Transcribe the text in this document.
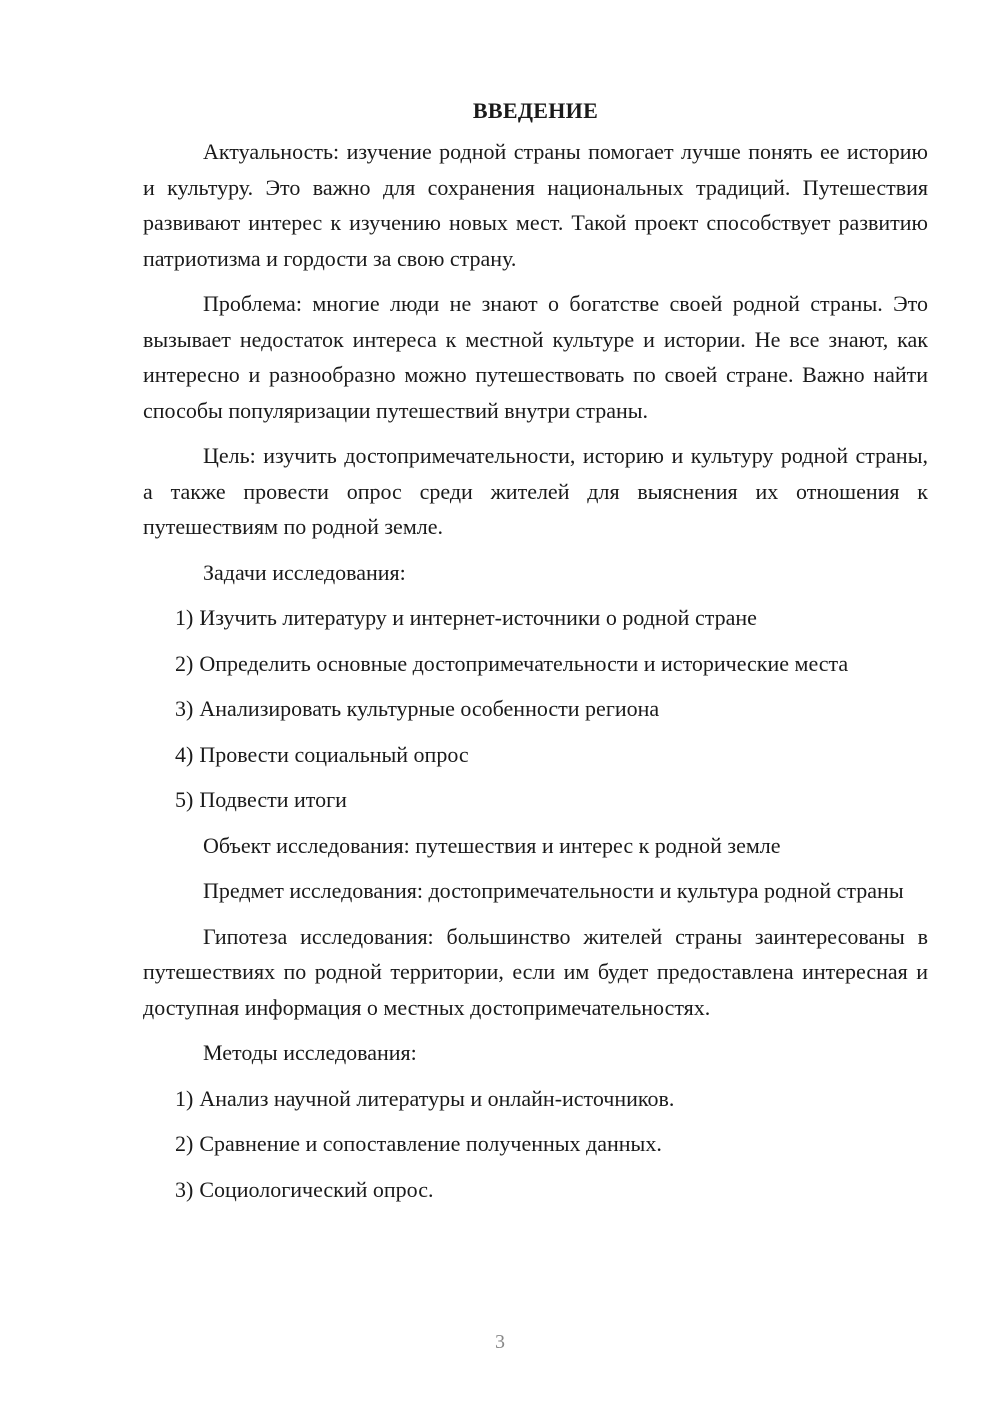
ВВЕДЕНИЕ

Актуальность: изучение родной страны помогает лучше понять ее историю и культуру. Это важно для сохранения национальных традиций. Путешествия развивают интерес к изучению новых мест. Такой проект способствует развитию патриотизма и гордости за свою страну.

Проблема: многие люди не знают о богатстве своей родной страны. Это вызывает недостаток интереса к местной культуре и истории. Не все знают, как интересно и разнообразно можно путешествовать по своей стране. Важно найти способы популяризации путешествий внутри страны.

Цель: изучить достопримечательности, историю и культуру родной страны, а также провести опрос среди жителей для выяснения их отношения к путешествиям по родной земле.

Задачи исследования:
1) Изучить литературу и интернет-источники о родной стране
2) Определить основные достопримечательности и исторические места
3) Анализировать культурные особенности региона
4) Провести социальный опрос
5) Подвести итоги
Объект исследования: путешествия и интерес к родной земле

Предмет исследования: достопримечательности и культура родной страны

Гипотеза исследования: большинство жителей страны заинтересованы в путешествиях по родной территории, если им будет предоставлена интересная и доступная информация о местных достопримечательностях.

Методы исследования:
1) Анализ научной литературы и онлайн-источников.
2) Сравнение и сопоставление полученных данных.
3) Социологический опрос.
3
